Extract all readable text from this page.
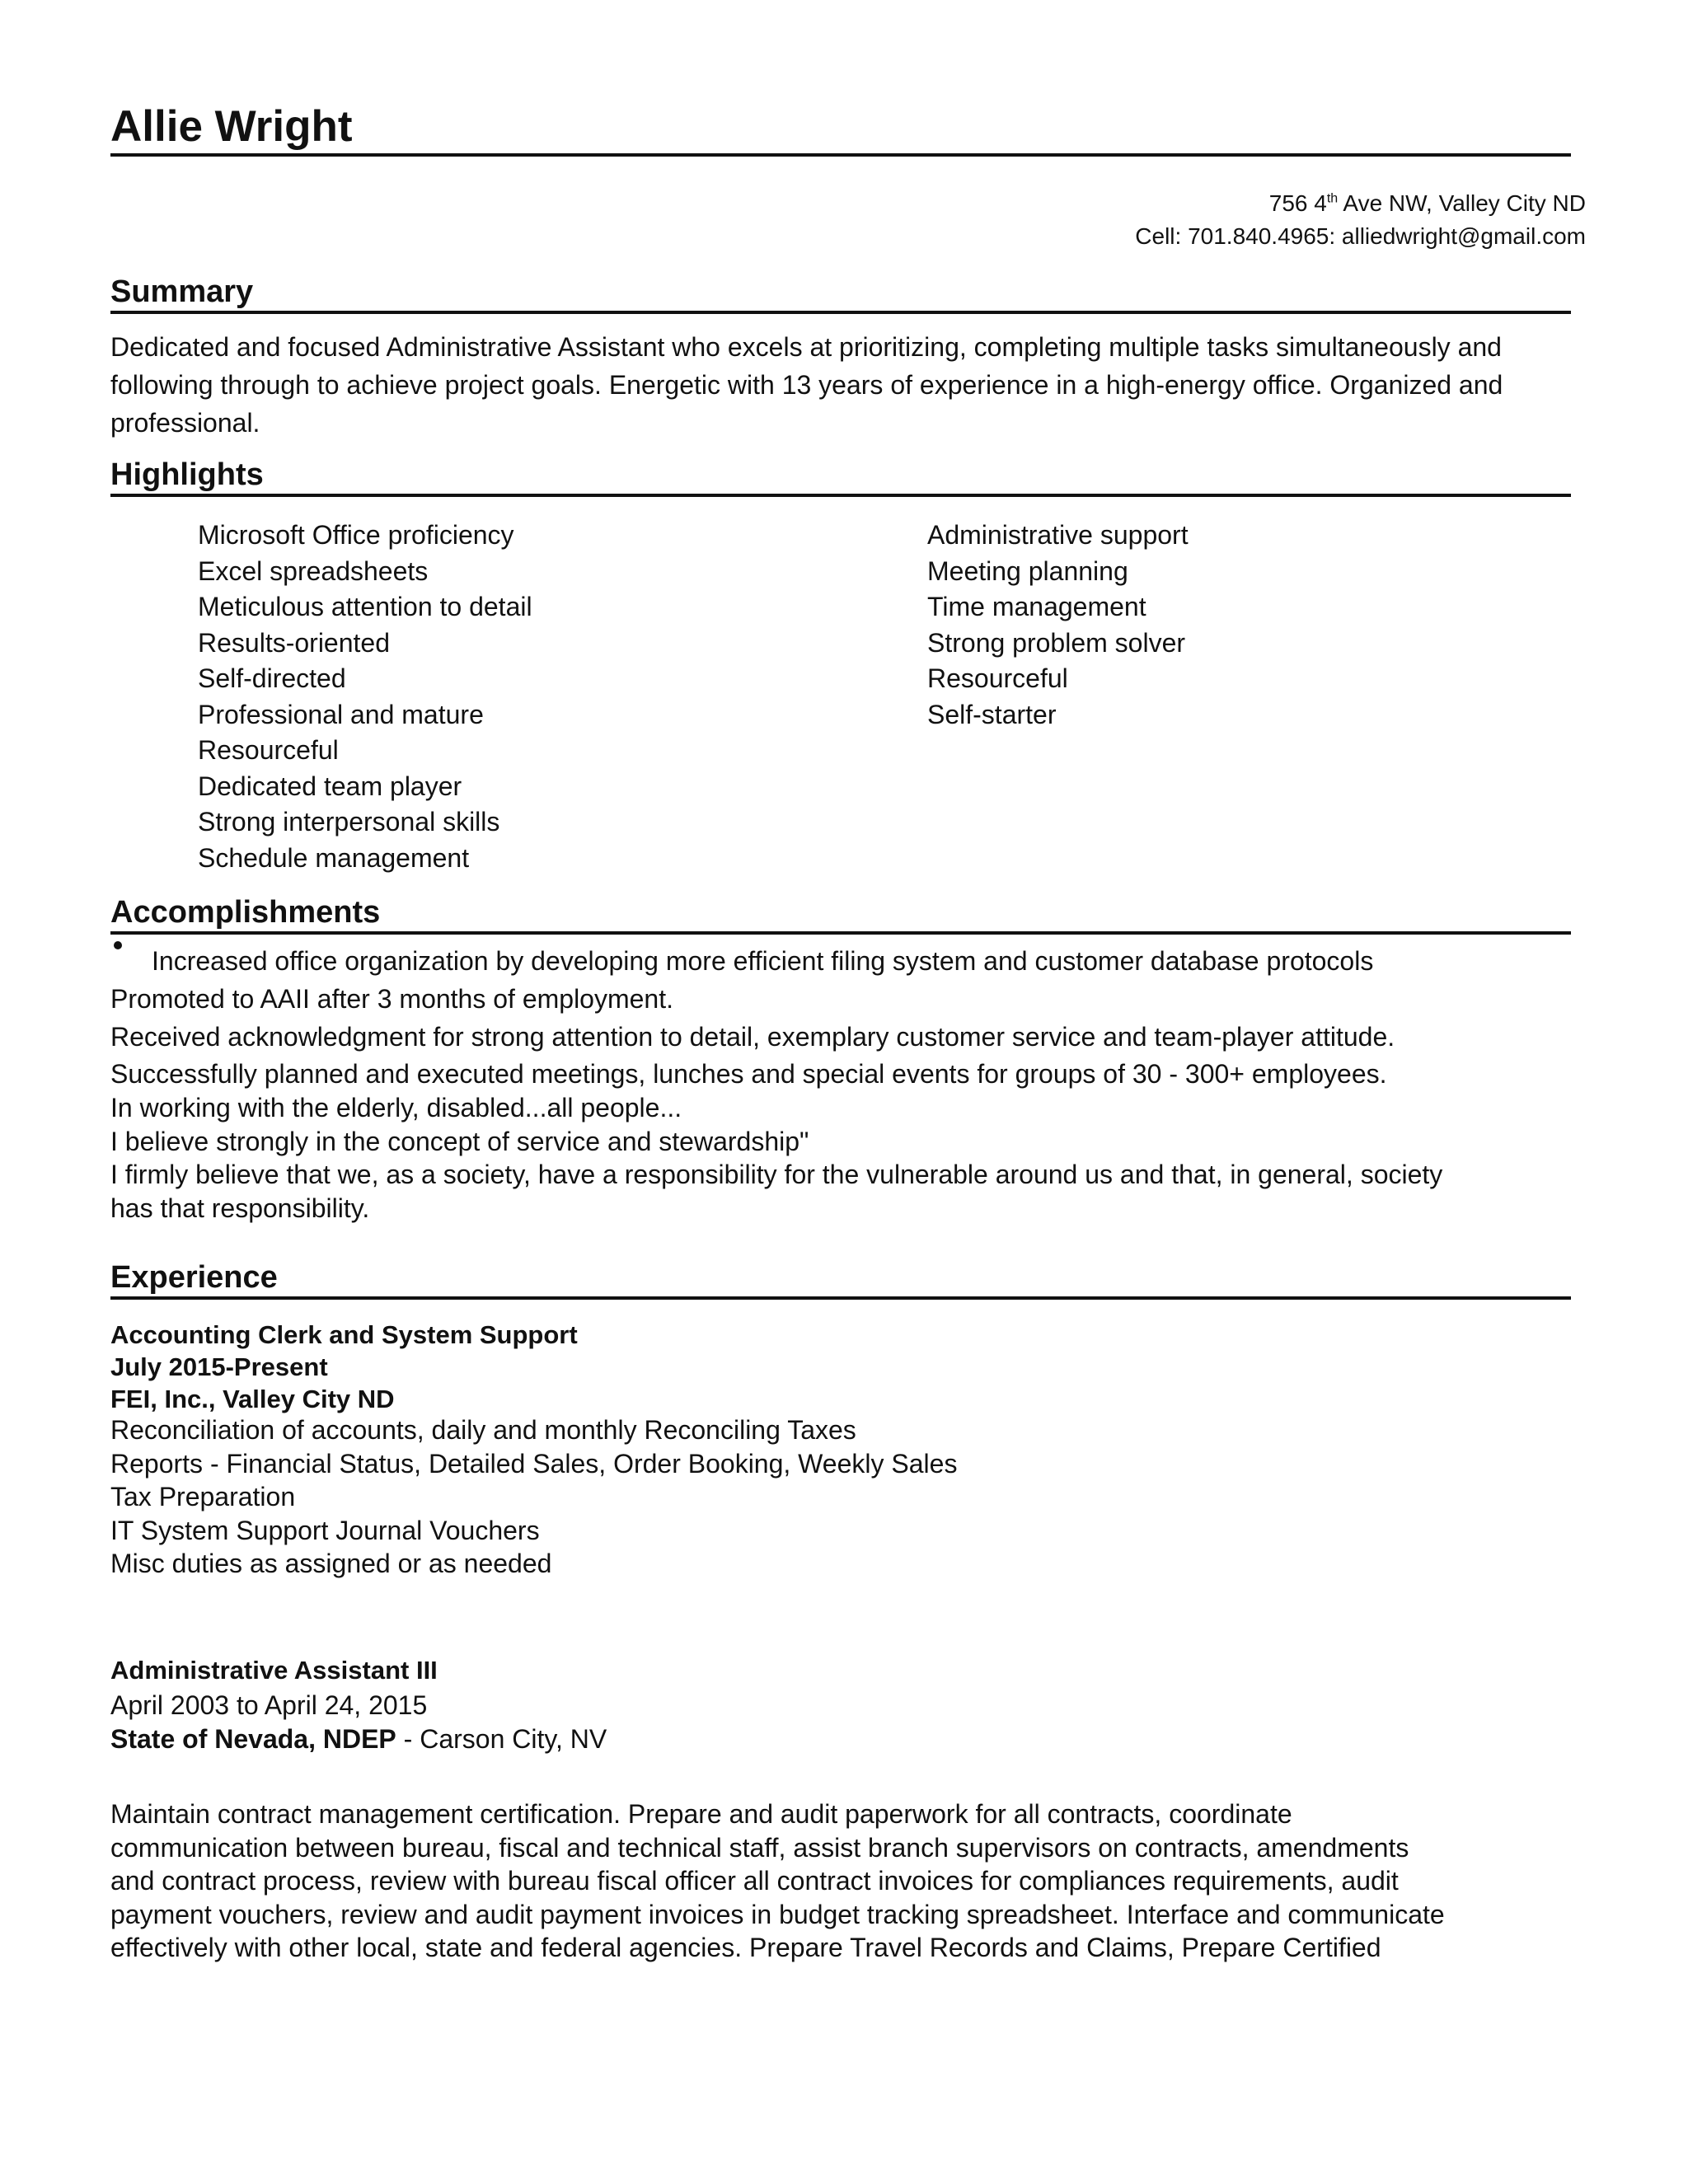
Allie Wright
756 4th Ave NW, Valley City ND
Cell: 701.840.4965: alliedwright@gmail.com
Summary
Dedicated and focused Administrative Assistant who excels at prioritizing, completing multiple tasks simultaneously and
following through to achieve project goals. Energetic with 13 years of experience in a high-energy office. Organized and
professional.
Highlights
Microsoft Office proficiency
Excel spreadsheets
Meticulous attention to detail
Results-oriented
Self-directed
Professional and mature
Resourceful
Dedicated team player
Strong interpersonal skills
Schedule management
Administrative support
Meeting planning
Time management
Strong problem solver
Resourceful
Self-starter
Accomplishments
Increased office organization by developing more efficient filing system and customer database protocols
Promoted to AAII after 3 months of employment.
Received acknowledgment for strong attention to detail, exemplary customer service and team-player attitude.
Successfully planned and executed meetings, lunches and special events for groups of 30 - 300+ employees.
In working with the elderly, disabled...all people...
I believe strongly in the concept of service and stewardship"
I firmly believe that we, as a society, have a responsibility for the vulnerable around us and that, in general, society
has that responsibility.
Experience
Accounting Clerk and System Support
July 2015-Present
FEI, Inc., Valley City ND
Reconciliation of accounts, daily and monthly Reconciling Taxes
Reports - Financial Status, Detailed Sales, Order Booking, Weekly Sales
Tax Preparation
IT System Support Journal Vouchers
Misc duties as assigned or as needed
Administrative Assistant III
April 2003 to April 24, 2015
State of Nevada, NDEP - Carson City, NV
Maintain contract management certification. Prepare and audit paperwork for all contracts, coordinate
communication between bureau, fiscal and technical staff, assist branch supervisors on contracts, amendments
and contract process, review with bureau fiscal officer all contract invoices for compliances requirements, audit
payment vouchers, review and audit payment invoices in budget tracking spreadsheet. Interface and communicate
effectively with other local, state and federal agencies. Prepare Travel Records and Claims, Prepare Certified
